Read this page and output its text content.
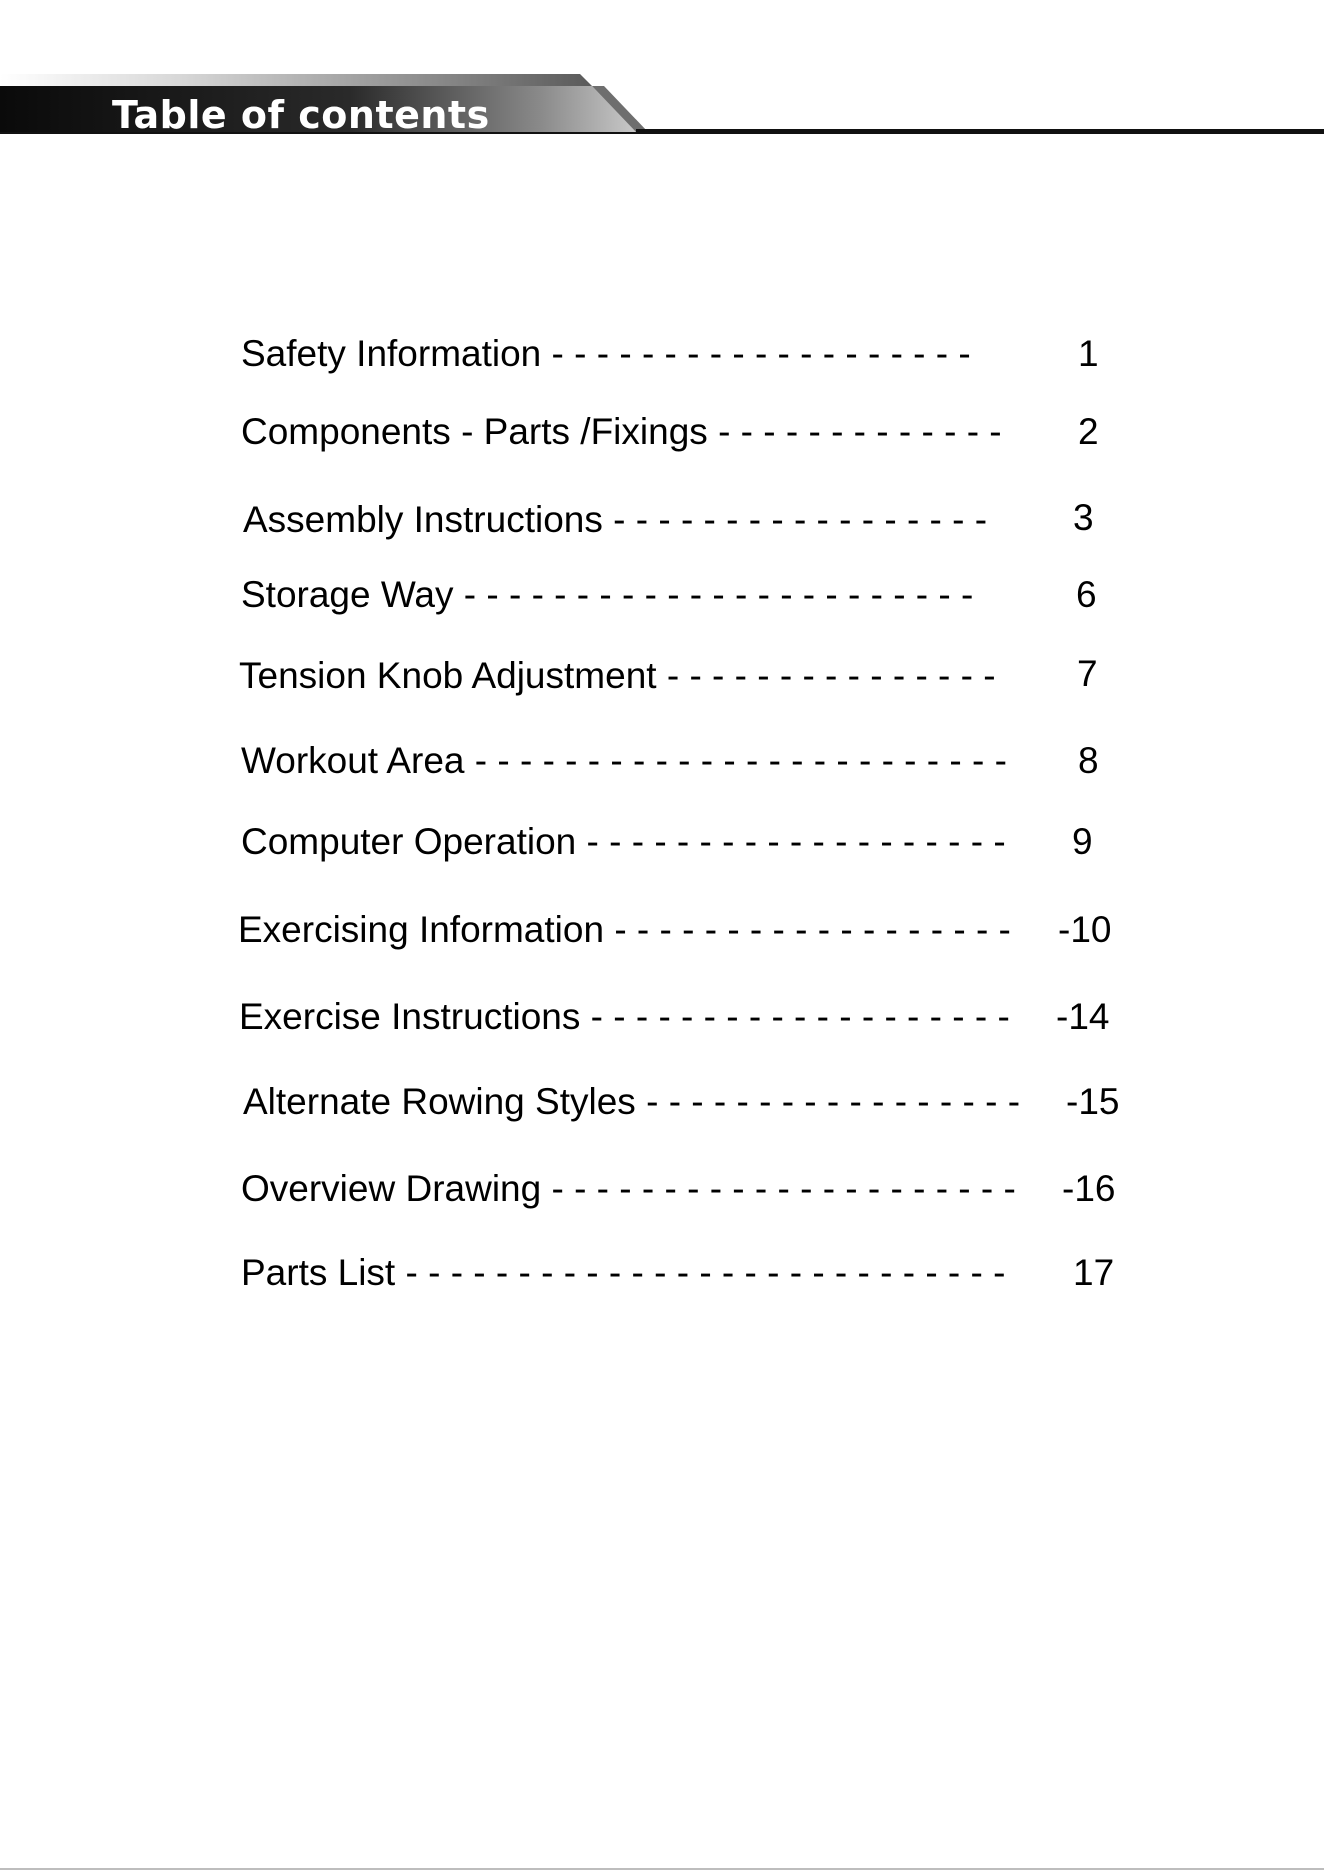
Table of contents
Safety Information - - - - - - - - - - - - - - - - - - -	1
Components - Parts /Fixings - - - - - - - - - - - - - 2
Assembly Instructions - - - - - - - - - - - - - - - - - 3
Storage Way - - - - - - - - - - - - - - - - - - - - - - -	6
Tension Knob Adjustment - - - - - - - - - - - - - - - 7
Workout Area - - - - - - - - - - - - - - - - - - - - - - - - 8
Computer Operation - - - - - - - - - - - - - - - - - - - 9
Exercising Information - - - - - - - - - - - - - - - - - - -10
Exercise Instructions - - - - - - - - - - - - - - - - - - - -14
Alternate Rowing Styles - - - - - - - - - - - - - - - - - -15
Overview Drawing - - - - - - - - - - - - - - - - - - - - - -16
Parts List - - - - - - - - - - - - - - - - - - - - - - - - - - - 17
